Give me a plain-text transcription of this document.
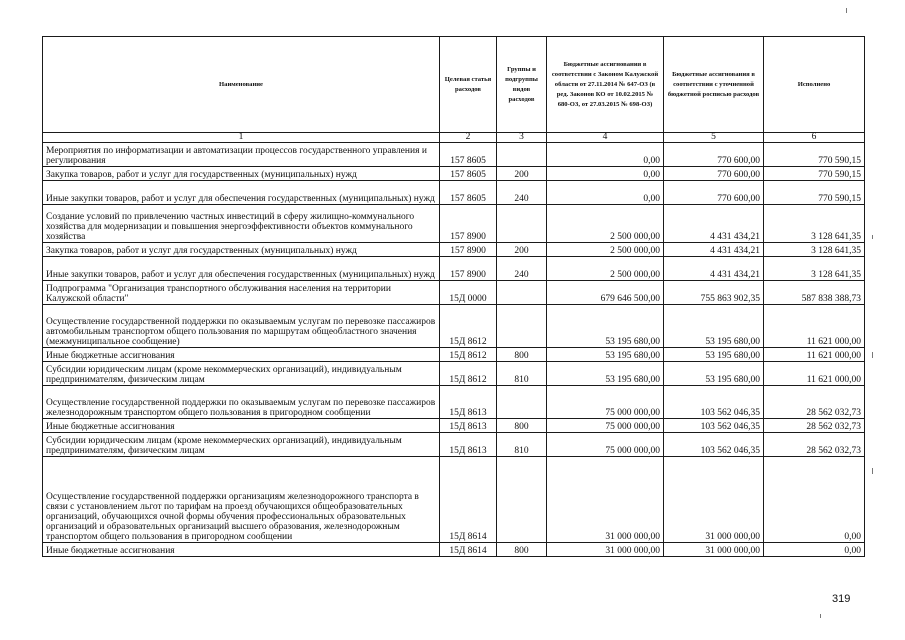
Наименование	Целевая статья расходов	Группы и подгруппы видов расходов	Бюджетные ассигнования в соответствии с Законом Калужской области от 27.11.2014 № 647-ОЗ (в ред. Законов КО от 10.02.2015 № 680-ОЗ, от 27.03.2015 № 698-ОЗ)	Бюджетные ассигнования в соответствии с уточненной бюджетной росписью расходов	Исполнено
1	2	3	4	5	6
Мероприятия по информатизации и автоматизации процессов государственного управления и регулирования	157 8605		0,00	770 600,00	770 590,15
Закупка товаров, работ и услуг для государственных (муниципальных) нужд	157 8605	200	0,00	770 600,00	770 590,15
Иные закупки товаров, работ и услуг для обеспечения государственных (муниципальных) нужд	157 8605	240	0,00	770 600,00	770 590,15
Создание условий по привлечению частных инвестиций в сферу жилищно-коммунального хозяйства для модернизации и повышения энергоэффективности объектов коммунального хозяйства	157 8900		2 500 000,00	4 431 434,21	3 128 641,35
Закупка товаров, работ и услуг для государственных (муниципальных) нужд	157 8900	200	2 500 000,00	4 431 434,21	3 128 641,35
Иные закупки товаров, работ и услуг для обеспечения государственных (муниципальных) нужд	157 8900	240	2 500 000,00	4 431 434,21	3 128 641,35
Подпрограмма "Организация транспортного обслуживания населения на территории Калужской области"	15Д 0000		679 646 500,00	755 863 902,35	587 838 388,73
Осуществление государственной поддержки по оказываемым услугам по перевозке пассажиров автомобильным транспортом общего пользования по маршрутам общеобластного значения (межмуниципальное сообщение)	15Д 8612		53 195 680,00	53 195 680,00	11 621 000,00
Иные бюджетные ассигнования	15Д 8612	800	53 195 680,00	53 195 680,00	11 621 000,00
Субсидии юридическим лицам (кроме некоммерческих организаций), индивидуальным предпринимателям, физическим лицам	15Д 8612	810	53 195 680,00	53 195 680,00	11 621 000,00
Осуществление государственной поддержки по оказываемым услугам по перевозке пассажиров железнодорожным транспортом общего пользования в пригородном сообщении	15Д 8613		75 000 000,00	103 562 046,35	28 562 032,73
Иные бюджетные ассигнования	15Д 8613	800	75 000 000,00	103 562 046,35	28 562 032,73
Субсидии юридическим лицам (кроме некоммерческих организаций), индивидуальным предпринимателям, физическим лицам	15Д 8613	810	75 000 000,00	103 562 046,35	28 562 032,73
Осуществление государственной поддержки организациям железнодорожного транспорта в связи с установлением льгот по тарифам на проезд обучающихся общеобразовательных организаций, обучающихся очной формы обучения профессиональных образовательных организаций и образовательных организаций высшего образования, железнодорожным транспортом общего пользования в пригородном сообщении	15Д 8614		31 000 000,00	31 000 000,00	0,00
Иные бюджетные ассигнования	15Д 8614	800	31 000 000,00	31 000 000,00	0,00
319
